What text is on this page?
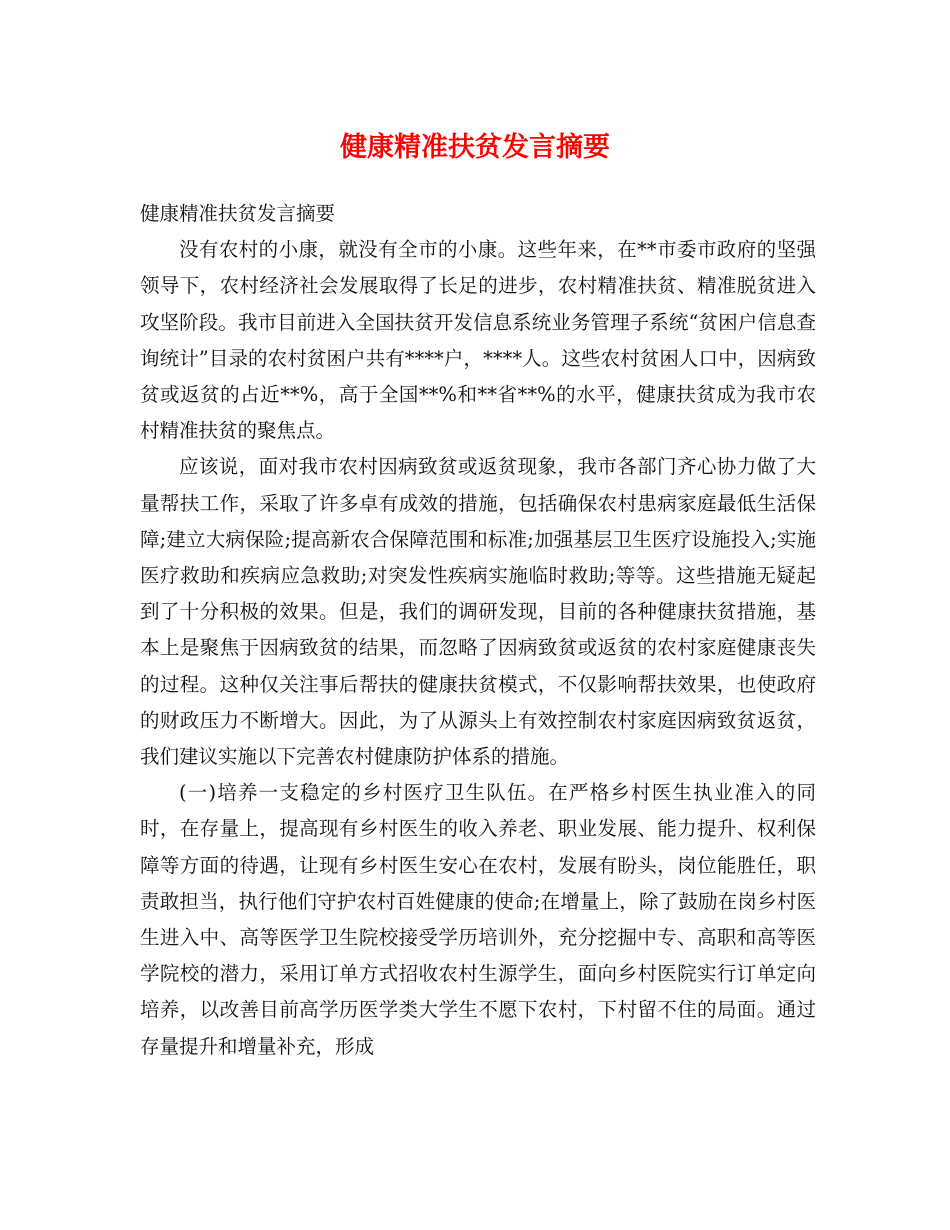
健康精准扶贫发言摘要

健康精准扶贫发言摘要

没有农村的小康，就没有全市的小康。这些年来，在**市委市政府的坚强领导下，农村经济社会发展取得了长足的进步，农村精准扶贫、精准脱贫进入攻坚阶段。我市目前进入全国扶贫开发信息系统业务管理子系统“贫困户信息查询统计”目录的农村贫困户共有****户，****人。这些农村贫困人口中，因病致贫或返贫的占近**%，高于全国**%和**省**%的水平，健康扶贫成为我市农村精准扶贫的聚焦点。

应该说，面对我市农村因病致贫或返贫现象，我市各部门齐心协力做了大量帮扶工作，采取了许多卓有成效的措施，包括确保农村患病家庭最低生活保障;建立大病保险;提高新农合保障范围和标准;加强基层卫生医疗设施投入;实施医疗救助和疾病应急救助;对突发性疾病实施临时救助;等等。这些措施无疑起到了十分积极的效果。但是，我们的调研发现，目前的各种健康扶贫措施，基本上是聚焦于因病致贫的结果，而忽略了因病致贫或返贫的农村家庭健康丧失的过程。这种仅关注事后帮扶的健康扶贫模式，不仅影响帮扶效果，也使政府的财政压力不断增大。因此，为了从源头上有效控制农村家庭因病致贫返贫，我们建议实施以下完善农村健康防护体系的措施。

(一)培养一支稳定的乡村医疗卫生队伍。在严格乡村医生执业准入的同时，在存量上，提高现有乡村医生的收入养老、职业发展、能力提升、权利保障等方面的待遇，让现有乡村医生安心在农村，发展有盼头，岗位能胜任，职责敢担当，执行他们守护农村百姓健康的使命;在增量上，除了鼓励在岗乡村医生进入中、高等医学卫生院校接受学历培训外，充分挖掘中专、高职和高等医学院校的潜力，采用订单方式招收农村生源学生，面向乡村医院实行订单定向培养，以改善目前高学历医学类大学生不愿下农村，下村留不住的局面。通过存量提升和增量补充，形成
